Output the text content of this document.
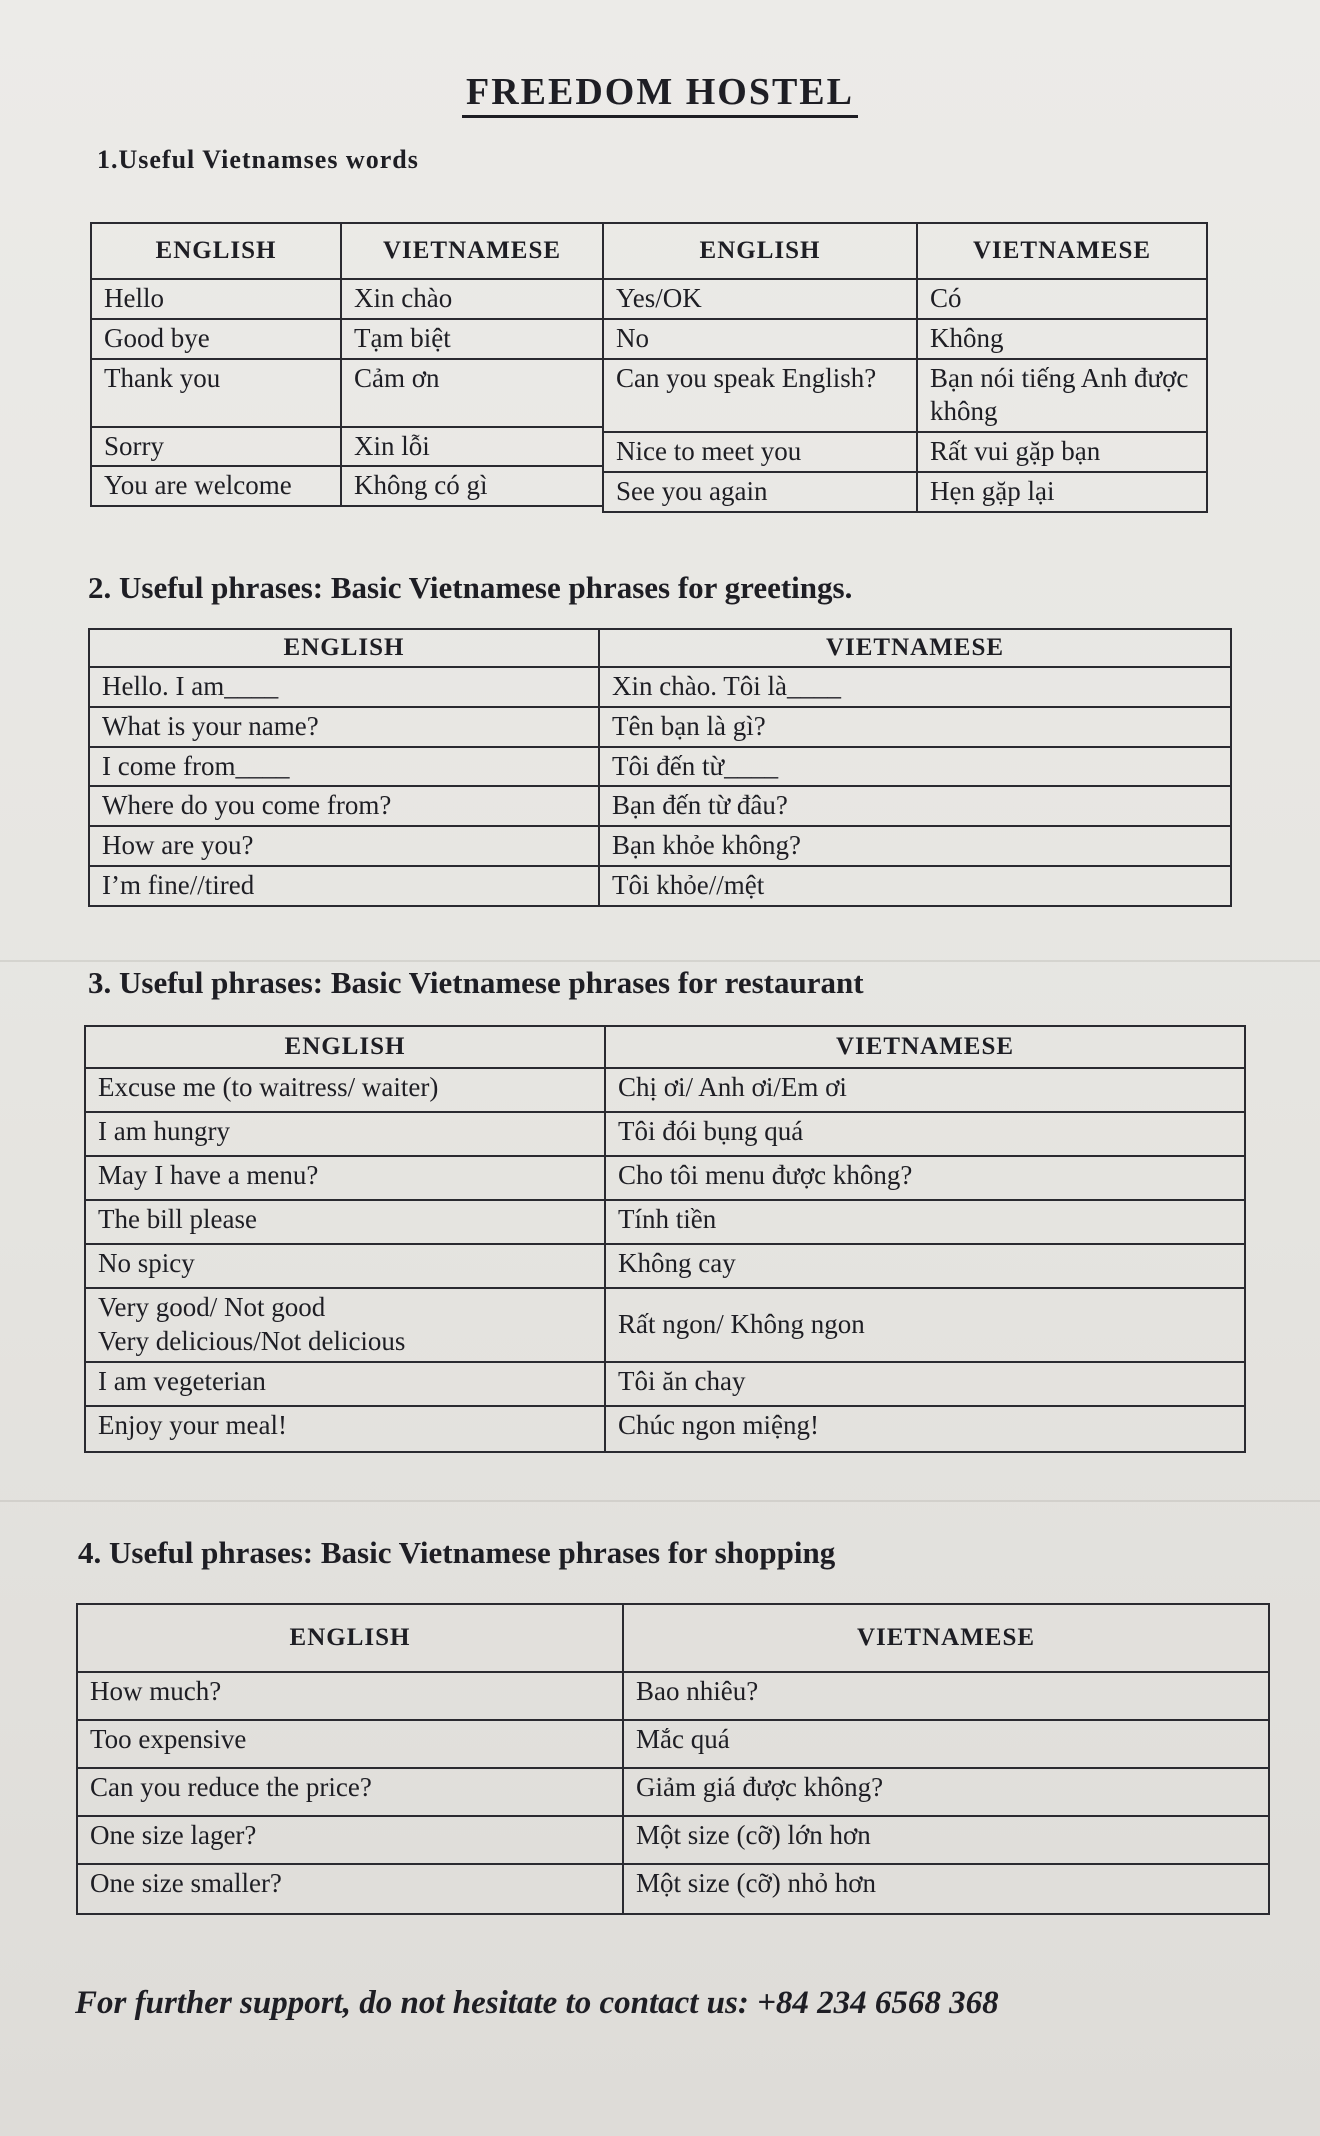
FREEDOM HOSTEL
1.Useful Vietnamses words
ENGLISH	VIETNAMESE
Hello	Xin chào
Good bye	Tạm biệt
Thank you	Cảm ơn
Sorry	Xin lỗi
You are welcome	Không có gì
ENGLISH	VIETNAMESE
Yes/OK	Có
No	Không
Can you speak English?	Bạn nói tiếng Anh được không
Nice to meet you	Rất vui gặp bạn
See you again	Hẹn gặp lại
2. Useful phrases: Basic Vietnamese phrases for greetings.
ENGLISH	VIETNAMESE
Hello. I am____	Xin chào. Tôi là____
What is your name?	Tên bạn là gì?
I come from____	Tôi đến từ____
Where do you come from?	Bạn đến từ đâu?
How are you?	Bạn khỏe không?
I’m fine//tired	Tôi khỏe//mệt
3. Useful phrases: Basic Vietnamese phrases for restaurant
ENGLISH	VIETNAMESE
Excuse me (to waitress/ waiter)	Chị ơi/ Anh ơi/Em ơi
I am hungry	Tôi đói bụng quá
May I have a menu?	Cho tôi menu được không?
The bill please	Tính tiền
No spicy	Không cay

Very good/ Not good
Very delicious/Not delicious	Rất ngon/ Không ngon
I am vegeterian	Tôi ăn chay
Enjoy your meal!	Chúc ngon miệng!
4. Useful phrases: Basic Vietnamese phrases for shopping
ENGLISH	VIETNAMESE
How much?	Bao nhiêu?
Too expensive	Mắc quá
Can you reduce the price?	Giảm giá được không?
One size lager?	Một size (cỡ) lớn hơn
One size smaller?	Một size (cỡ) nhỏ hơn
For further support, do not hesitate to contact us: +84 234 6568 368
